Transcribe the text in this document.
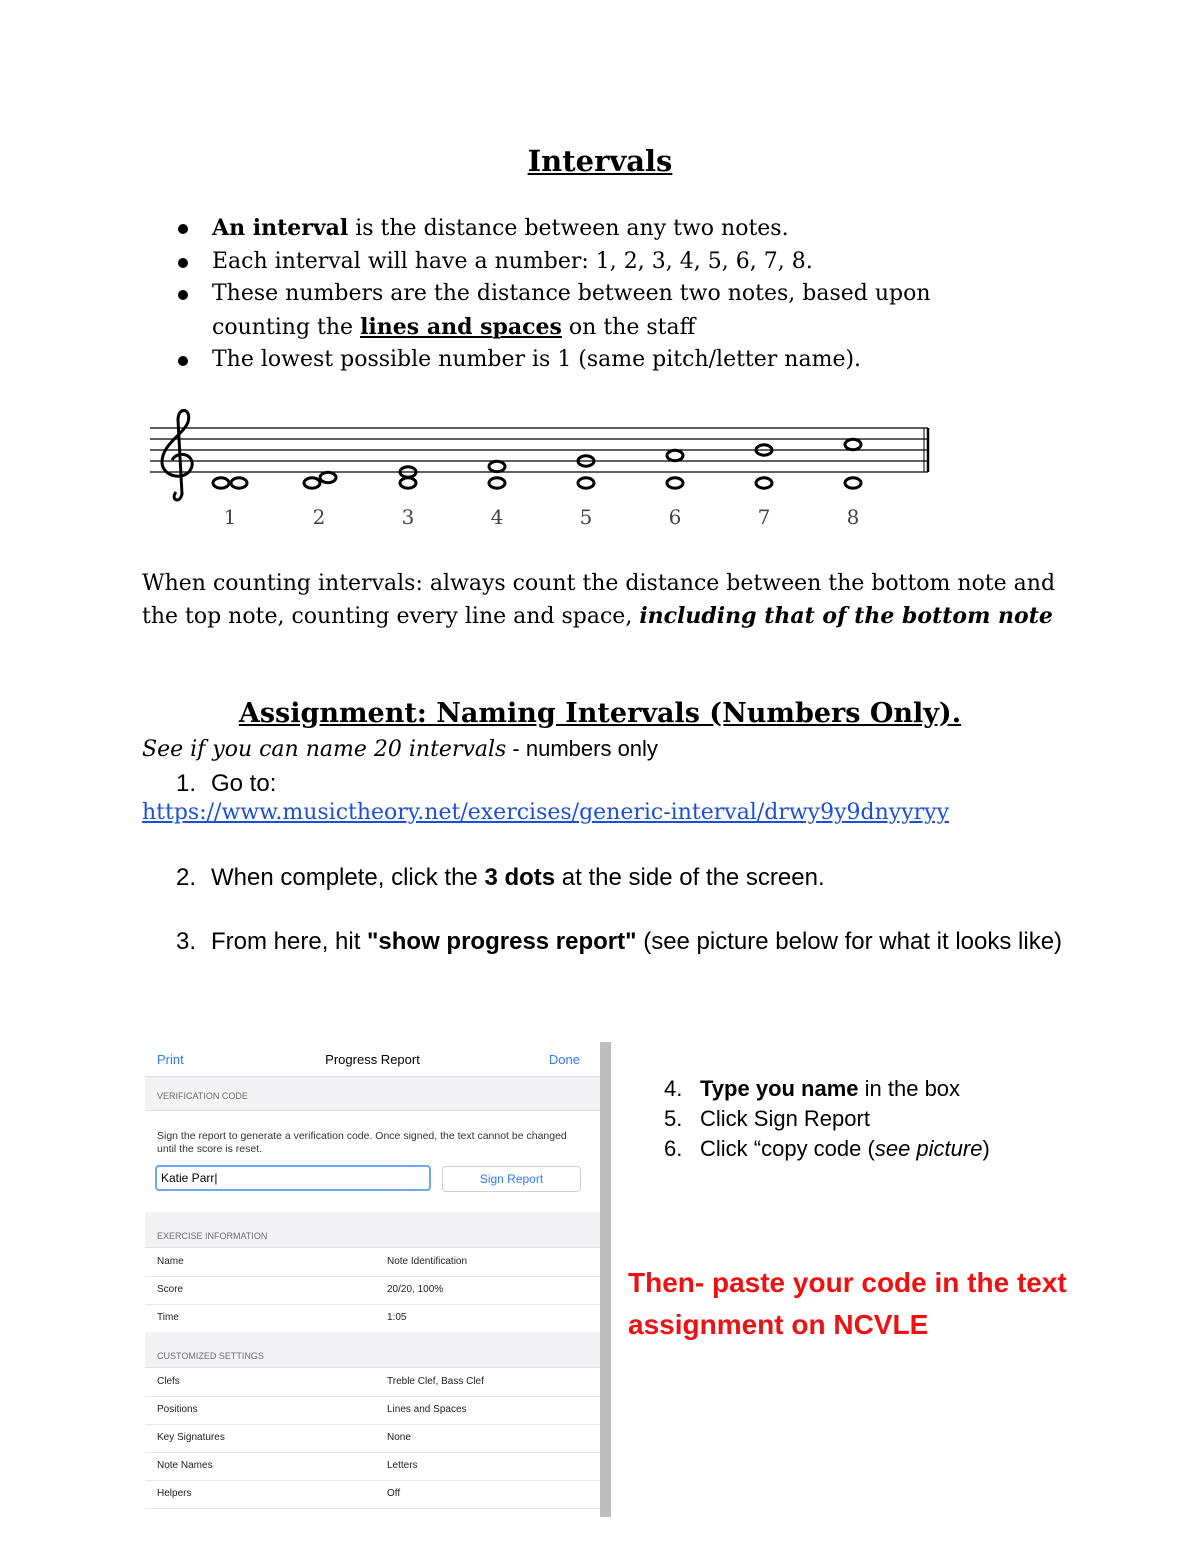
Intervals
An interval is the distance between any two notes.
Each interval will have a number: 1, 2, 3, 4, 5, 6, 7, 8.
These numbers are the distance between two notes, based upon
counting the lines and spaces on the staff
The lowest possible number is 1 (same pitch/letter name).
1	2	3	4	5	6	7	8
When counting intervals: always count the distance between the bottom note and the top note, counting every line and space, including that of the bottom note
Assignment: Naming Intervals (Numbers Only).
See if you can name 20 intervals - numbers only
1. Go to:
https://www.musictheory.net/exercises/generic-interval/drwy9y9dnyyryy
2. When complete, click the 3 dots at the side of the screen.
3. From here, hit "show progress report" (see picture below for what it looks like)
Progress Report
Print	Done
VERIFICATION CODE
Sign the report to generate a verification code. Once signed, the text cannot be changed until the score is reset.
Katie Parr|
Sign Report
EXERCISE INFORMATION
Name	Note Identification
Score	20/20, 100%
Time	1:05
CUSTOMIZED SETTINGS
Clefs	Treble Clef, Bass Clef
Positions	Lines and Spaces
Key Signatures	None
Note Names	Letters
Helpers	Off
4. Type you name in the box
5. Click Sign Report
6. Click “copy code (see picture)
Then- paste your code in the text assignment on NCVLE
